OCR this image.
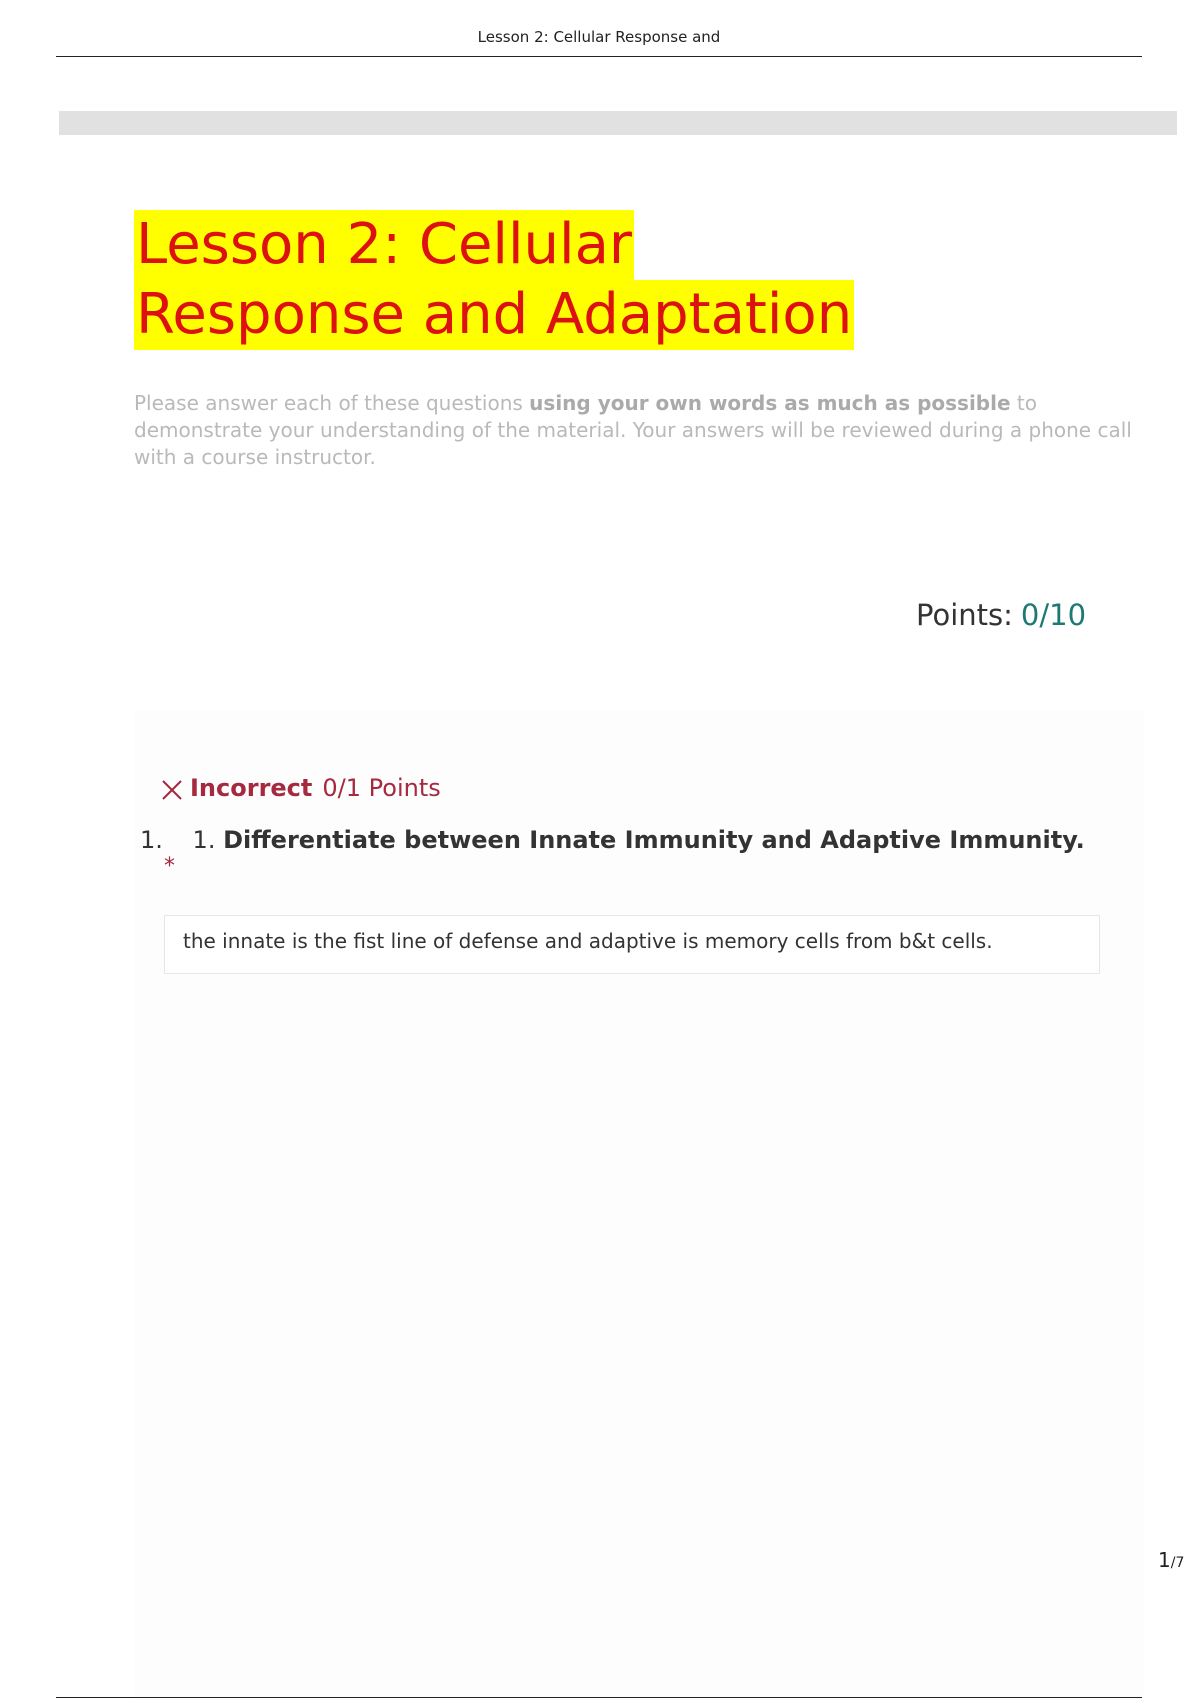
Lesson 2: Cellular Response and
Lesson 2: Cellular
Response and Adaptation

Please answer each of these questions using your own words as much as possible to demonstrate your understanding of the material. Your answers will be reviewed during a phone call with a course instructor.

Points: 0/10
Incorrect 0/1 Points
1. 1. Differentiate between Innate Immunity and Adaptive Immunity.
*
the innate is the fist line of defense and adaptive is memory cells from b&t cells.
1/7
